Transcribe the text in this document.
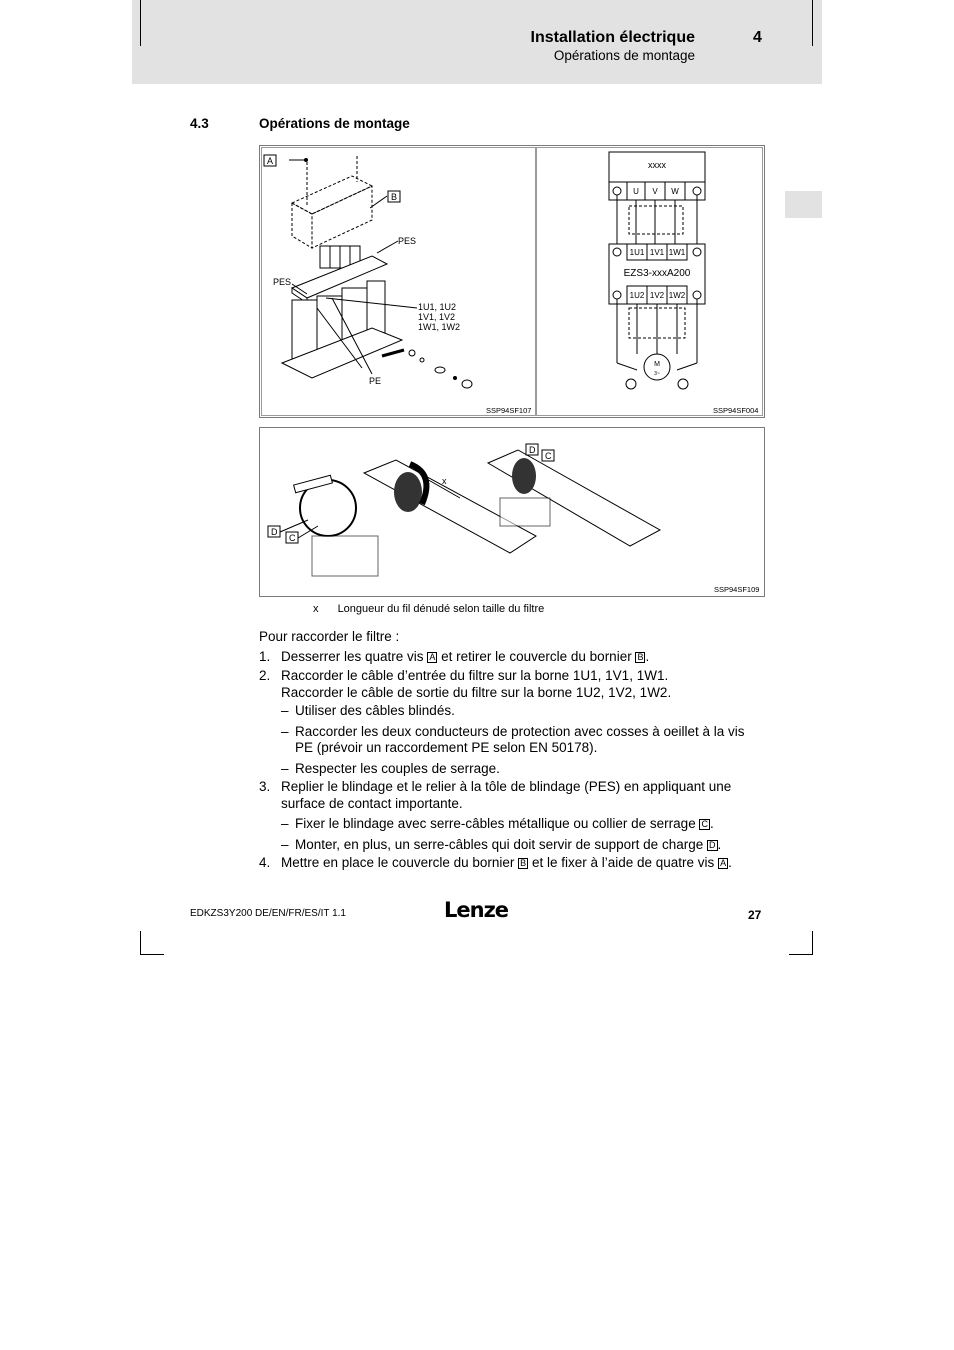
Installation électrique	4
Opérations de montage
4.3	Opérations de montage
A
B
PES
PES
1U1, 1U2
1V1, 1V2
1W1, 1W2
PE
SSP94SF107
xxxx
U V W
1U1 1V1 1W1
EZS3-xxxA200
1U2 1V2 1W2
M
3~
SSP94SF004
D
C
x
D
C
SSP94SF109
x Longueur du fil dénudé selon taille du filtre

Pour raccorder le filtre :

1. Desserrer les quatre vis A et retirer le couvercle du bornier B .

2. Raccorder le câble d’entrée du filtre sur la borne 1U1, 1V1, 1W1.
Raccorder le câble de sortie du filtre sur la borne 1U2, 1V2, 1W2.

– Utiliser des câbles blindés.

– Raccorder les deux conducteurs de protection avec cosses à oeillet à la vis PE (prévoir un raccordement PE selon EN 50178).

– Respecter les couples de serrage.

3. Replier le blindage et le relier à la tôle de blindage (PES) en appliquant une surface de contact importante.

– Fixer le blindage avec serre-câbles métallique ou collier de serrage C .

– Monter, en plus, un serre-câbles qui doit servir de support de charge D .

4. Mettre en place le couvercle du bornier B et le fixer à l’aide de quatre vis A .

EDKZS3Y200 DE/EN/FR/ES/IT 1.1	Lenze	27
